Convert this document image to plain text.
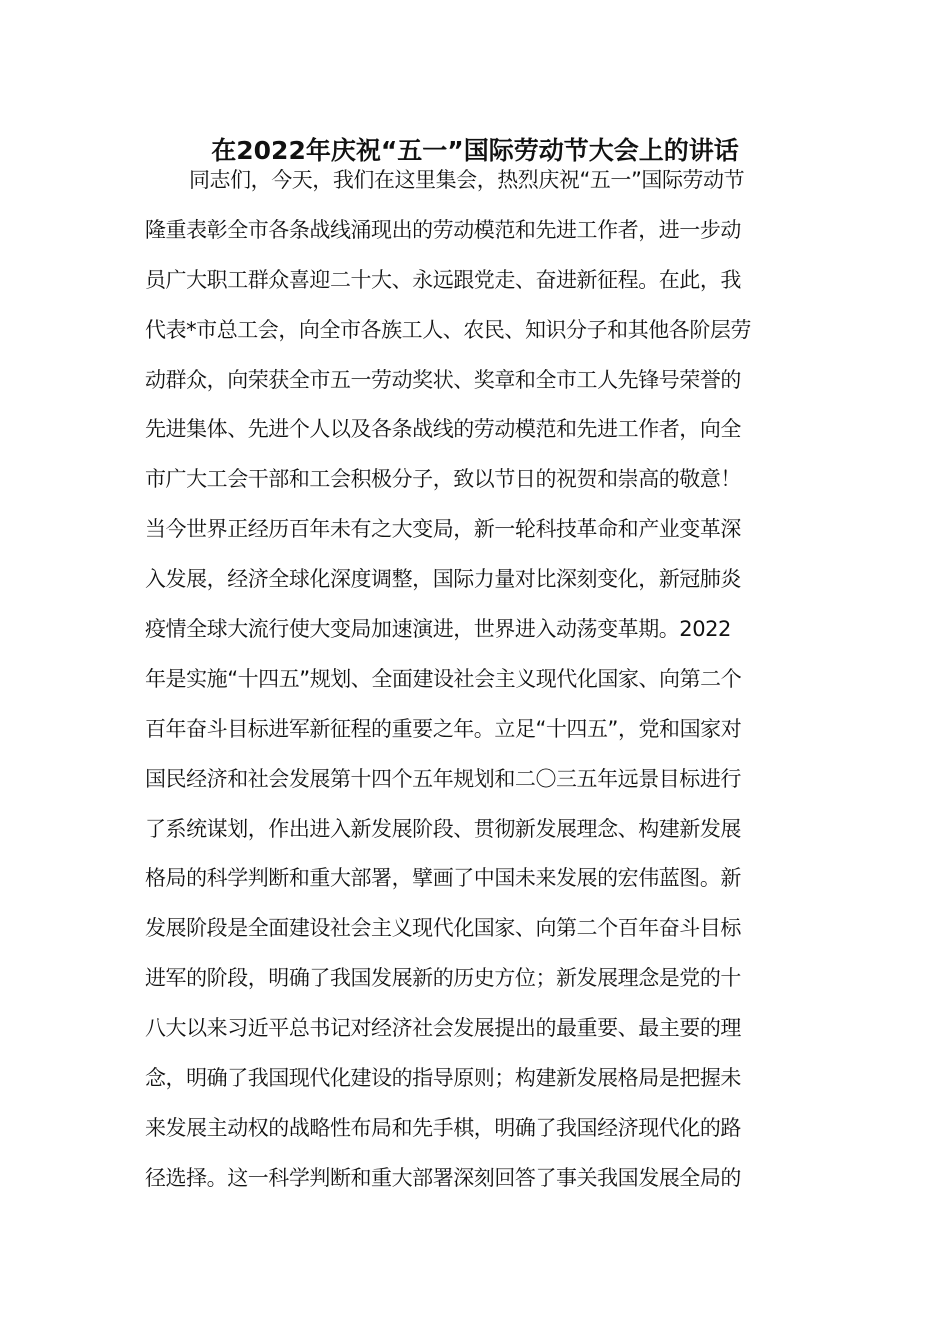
在2022年庆祝“五一”国际劳动节大会上的讲话
同志们，今天，我们在这里集会，热烈庆祝“五一”国际劳动节
隆重表彰全市各条战线涌现出的劳动模范和先进工作者，进一步动
员广大职工群众喜迎二十大、永远跟党走、奋进新征程。在此，我
代表*市总工会，向全市各族工人、农民、知识分子和其他各阶层劳
动群众，向荣获全市五一劳动奖状、奖章和全市工人先锋号荣誉的
先进集体、先进个人以及各条战线的劳动模范和先进工作者，向全
市广大工会干部和工会积极分子，致以节日的祝贺和崇高的敬意！
当今世界正经历百年未有之大变局，新一轮科技革命和产业变革深
入发展，经济全球化深度调整，国际力量对比深刻变化，新冠肺炎
疫情全球大流行使大变局加速演进，世界进入动荡变革期。2022
年是实施“十四五”规划、全面建设社会主义现代化国家、向第二个
百年奋斗目标进军新征程的重要之年。立足“十四五”，党和国家对
国民经济和社会发展第十四个五年规划和二〇三五年远景目标进行
了系统谋划，作出进入新发展阶段、贯彻新发展理念、构建新发展
格局的科学判断和重大部署，擘画了中国未来发展的宏伟蓝图。新
发展阶段是全面建设社会主义现代化国家、向第二个百年奋斗目标
进军的阶段，明确了我国发展新的历史方位；新发展理念是党的十
八大以来习近平总书记对经济社会发展提出的最重要、最主要的理
念，明确了我国现代化建设的指导原则；构建新发展格局是把握未
来发展主动权的战略性布局和先手棋，明确了我国经济现代化的路
径选择。这一科学判断和重大部署深刻回答了事关我国发展全局的
